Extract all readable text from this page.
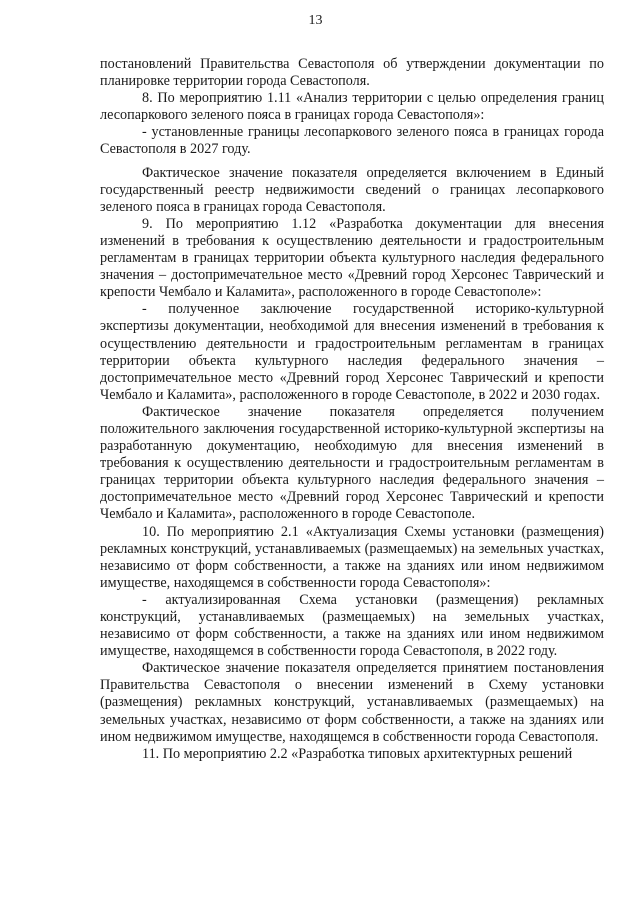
13

постановлений Правительства Севастополя об утверждении документации по планировке территории города Севастополя.

8. По мероприятию 1.11 «Анализ территории с целью определения границ лесопаркового зеленого пояса в границах города Севастополя»:

- установленные границы лесопаркового зеленого пояса в границах города Севастополя в 2027 году.

Фактическое значение показателя определяется включением в Единый государственный реестр недвижимости сведений о границах лесопаркового зеленого пояса в границах города Севастополя.

9. По мероприятию 1.12 «Разработка документации для внесения изменений в требования к осуществлению деятельности и градостроительным регламентам в границах территории объекта культурного наследия федерального значения – достопримечательное место «Древний город Херсонес Таврический и крепости Чембало и Каламита», расположенного в городе Севастополе»:

- полученное заключение государственной историко-культурной экспертизы документации, необходимой для внесения изменений в требования к осуществлению деятельности и градостроительным регламентам в границах территории объекта культурного наследия федерального значения – достопримечательное место «Древний город Херсонес Таврический и крепости Чембало и Каламита», расположенного в городе Севастополе, в 2022 и 2030 годах.

Фактическое значение показателя определяется получением положительного заключения государственной историко-культурной экспертизы на разработанную документацию, необходимую для внесения изменений в требования к осуществлению деятельности и градостроительным регламентам в границах территории объекта культурного наследия федерального значения – достопримечательное место «Древний город Херсонес Таврический и крепости Чембало и Каламита», расположенного в городе Севастополе.

10. По мероприятию 2.1 «Актуализация Схемы установки (размещения) рекламных конструкций, устанавливаемых (размещаемых) на земельных участках, независимо от форм собственности, а также на зданиях или ином недвижимом имуществе, находящемся в собственности города Севастополя»:

- актуализированная Схема установки (размещения) рекламных конструкций, устанавливаемых (размещаемых) на земельных участках, независимо от форм собственности, а также на зданиях или ином недвижимом имуществе, находящемся в собственности города Севастополя, в 2022 году.

Фактическое значение показателя определяется принятием постановления Правительства Севастополя о внесении изменений в Схему установки (размещения) рекламных конструкций, устанавливаемых (размещаемых) на земельных участках, независимо от форм собственности, а также на зданиях или ином недвижимом имуществе, находящемся в собственности города Севастополя.

11. По мероприятию 2.2 «Разработка типовых архитектурных решений
